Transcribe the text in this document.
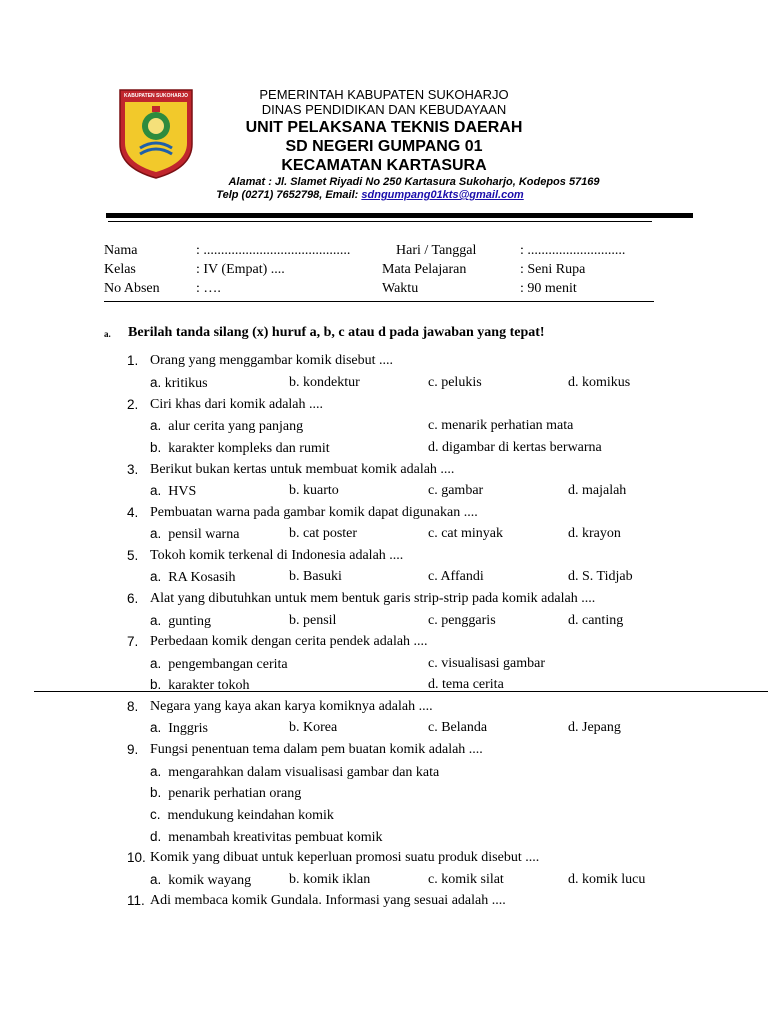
KABUPATEN SUKOHARJO	PEMERINTAH KABUPATEN SUKOHARJO
DINAS PENDIDIKAN DAN KEBUDAYAAN
UNIT PELAKSANA TEKNIS DAERAH
SD NEGERI GUMPANG 01
KECAMATAN KARTASURA
Alamat : Jl. Slamet Riyadi No 250 Kartasura Sukoharjo, Kodepos 57169
Telp (0271) 7652798, Email: sdngumpang01kts@gmail.com
Nama	: ..........................................	Hari / Tanggal	: ............................
Kelas	: IV (Empat) ....	Mata Pelajaran	: Seni Rupa
No Absen	: ….	Waktu	: 90 menit
a. Berilah tanda silang (x) huruf a, b, c atau d pada jawaban yang tepat!
1. Orang yang menggambar komik disebut ....
a. kritikus	b. kondektur	c. pelukis	d. komikus
2. Ciri khas dari komik adalah ....
a. alur cerita yang panjang	c. menarik perhatian mata
b. karakter kompleks dan rumit	d. digambar di kertas berwarna
3. Berikut bukan kertas untuk membuat komik adalah ....
a. HVS	b. kuarto	c. gambar	d. majalah
4. Pembuatan warna pada gambar komik dapat digunakan ....
a. pensil warna	b. cat poster	c. cat minyak	d. krayon
5. Tokoh komik terkenal di Indonesia adalah ....
a. RA Kosasih	b. Basuki	c. Affandi	d. S. Tidjab
6. Alat yang dibutuhkan untuk mem bentuk garis strip-strip pada komik adalah ....
a. gunting	b. pensil	c. penggaris	d. canting
7. Perbedaan komik dengan cerita pendek adalah ....
a. pengembangan cerita	c. visualisasi gambar
b. karakter tokoh	d. tema cerita
8. Negara yang kaya akan karya komiknya adalah ....
a. Inggris	b. Korea	c. Belanda	d. Jepang
9. Fungsi penentuan tema dalam pem buatan komik adalah ....
a. mengarahkan dalam visualisasi gambar dan kata
b. penarik perhatian orang
c. mendukung keindahan komik
d. menambah kreativitas pembuat komik
10. Komik yang dibuat untuk keperluan promosi suatu produk disebut ....
a. komik wayang	b. komik iklan	c. komik silat	d. komik lucu
11. Adi membaca komik Gundala. Informasi yang sesuai adalah ....
